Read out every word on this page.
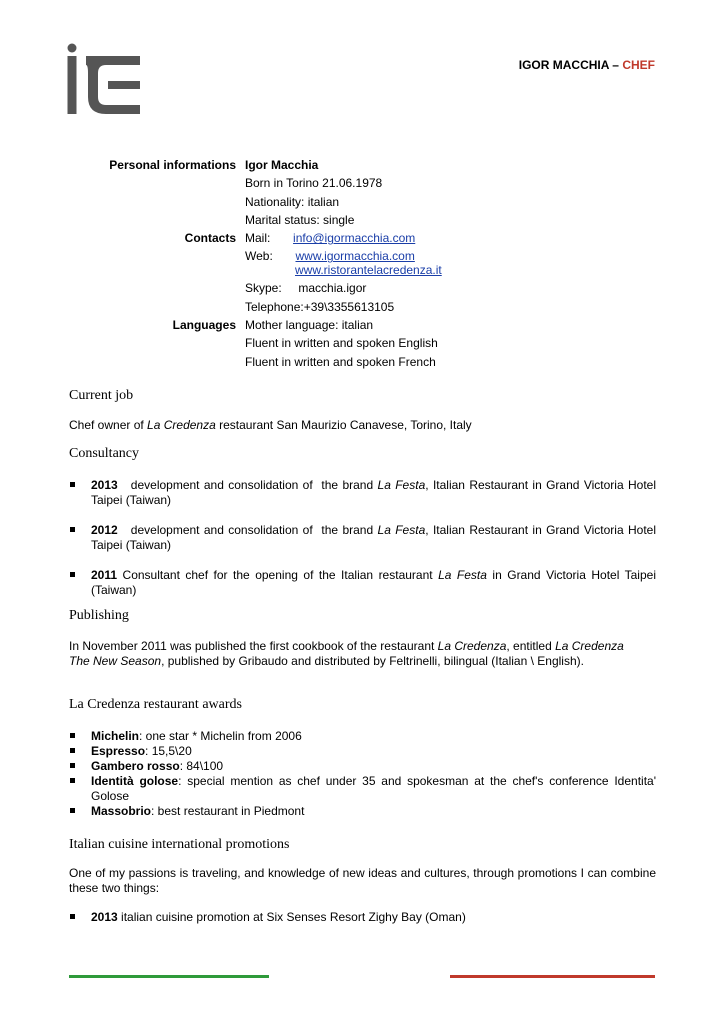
IGOR MACCHIA – CHEF
Personal informations Igor Macchia
Born in Torino 21.06.1978
Nationality: italian
Marital status: single
Contacts Mail: info@igormacchia.com
Web: www.igormacchia.com
www.ristorantelacredenza.it
Skype: macchia.igor
Telephone:+39\3355613105
Languages Mother language: italian
Fluent in written and spoken English
Fluent in written and spoken French
Current job
Chef owner of La Credenza restaurant San Maurizio Canavese, Torino, Italy
Consultancy
2013   development and consolidation of  the brand La Festa, Italian Restaurant in Grand Victoria Hotel Taipei (Taiwan)
2012   development and consolidation of  the brand La Festa, Italian Restaurant in Grand Victoria Hotel Taipei (Taiwan)
2011 Consultant chef for the opening of the Italian restaurant La Festa in Grand Victoria Hotel Taipei (Taiwan)
Publishing
In November 2011 was published the first cookbook of the restaurant La Credenza, entitled La Credenza The New Season, published by Gribaudo and distributed by Feltrinelli, bilingual (Italian \ English).
La Credenza restaurant awards
Michelin: one star * Michelin from 2006
Espresso: 15,5\20
Gambero rosso: 84\100
Identità golose: special mention as chef under 35 and spokesman at the chef's conference Identita' Golose
Massobrio: best restaurant in Piedmont
Italian cuisine international promotions
One of my passions is traveling, and knowledge of new ideas and cultures, through promotions I can combine these two things:
2013 italian cuisine promotion at Six Senses Resort Zighy Bay (Oman)
